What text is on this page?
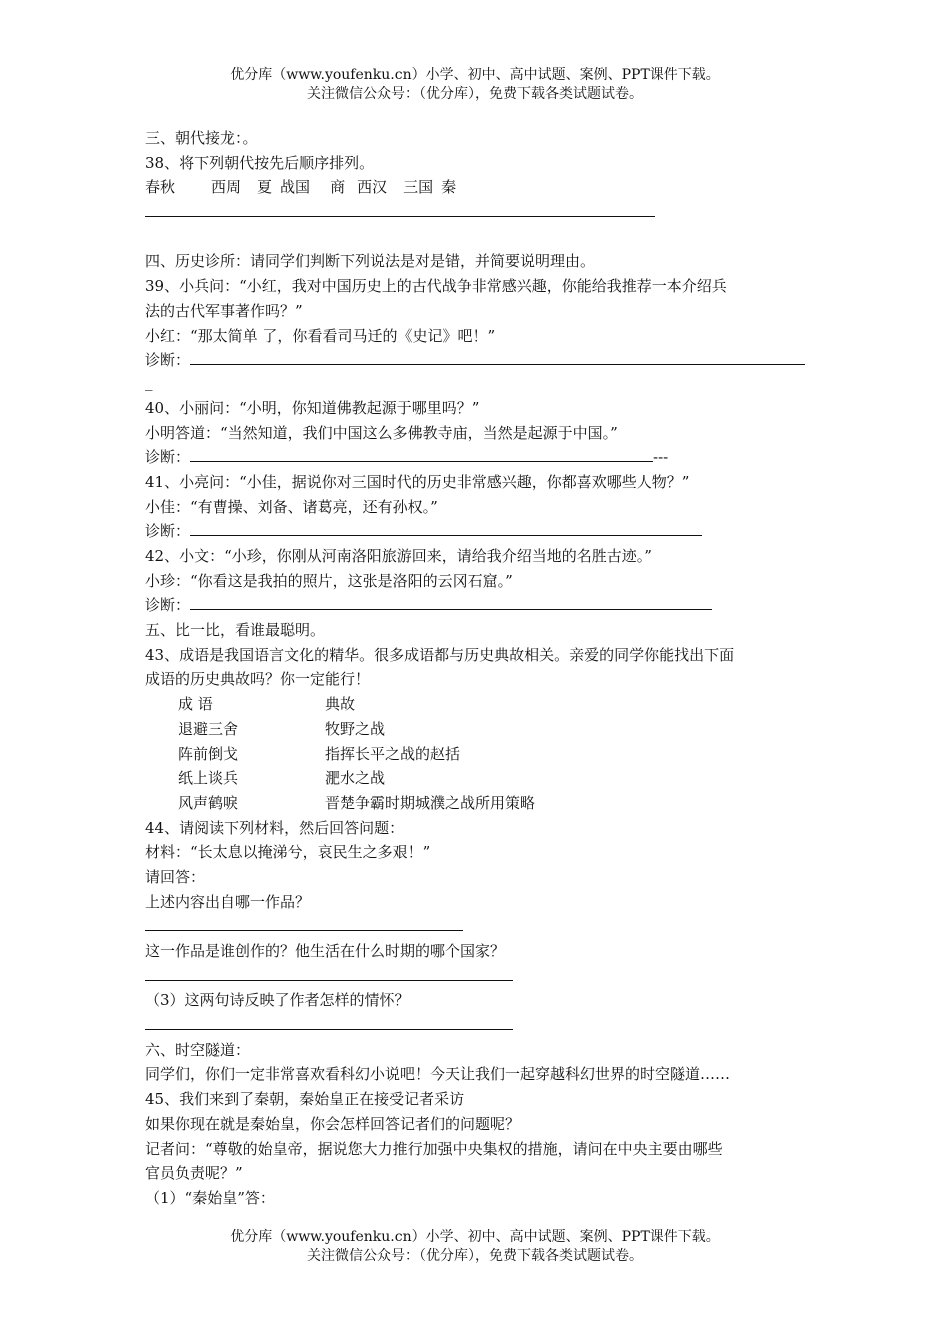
优分库（www.youfenku.cn）小学、初中、高中试题、案例、PPT课件下载。
关注微信公众号：（优分库），免费下载各类试题试卷。
三、朝代接龙：。
38、将下列朝代按先后顺序排列。
春秋 西周 夏 战国 商 西汉 三国 秦
四、历史诊所：请同学们判断下列说法是对是错，并简要说明理由。
39、小兵问：“小红，我对中国历史上的古代战争非常感兴趣，你能给我推荐一本介绍兵
法的古代军事著作吗？”
小红：“那太简单 了，你看看司马迁的《史记》吧！”
诊断：
_
40、小丽问：“小明，你知道佛教起源于哪里吗？”
小明答道：“当然知道，我们中国这么多佛教寺庙，当然是起源于中国。”
诊断：	---
41、小亮问：“小佳，据说你对三国时代的历史非常感兴趣，你都喜欢哪些人物？”
小佳：“有曹操、刘备、诸葛亮，还有孙权。”
诊断：
42、小文：“小珍，你刚从河南洛阳旅游回来，请给我介绍当地的名胜古迹。”
小珍：“你看这是我拍的照片，这张是洛阳的云冈石窟。”
诊断：
五、比一比，看谁最聪明。
43、成语是我国语言文化的精华。很多成语都与历史典故相关。亲爱的同学你能找出下面
成语的历史典故吗？你一定能行！
成 语	典故
退避三舍	牧野之战
阵前倒戈	指挥长平之战的赵括
纸上谈兵	淝水之战
风声鹤唳	晋楚争霸时期城濮之战所用策略
44、请阅读下列材料，然后回答问题：
材料：“长太息以掩涕兮，哀民生之多艰！”
请回答：
上述内容出自哪一作品？
这一作品是谁创作的？他生活在什么时期的哪个国家？
（3）这两句诗反映了作者怎样的情怀？
六、时空隧道：
同学们，你们一定非常喜欢看科幻小说吧！今天让我们一起穿越科幻世界的时空隧道……
45、我们来到了秦朝，秦始皇正在接受记者采访
如果你现在就是秦始皇，你会怎样回答记者们的问题呢？
记者问：“尊敬的始皇帝，据说您大力推行加强中央集权的措施，请问在中央主要由哪些
官员负责呢？”
（1）“秦始皇”答：
优分库（www.youfenku.cn）小学、初中、高中试题、案例、PPT课件下载。
关注微信公众号：（优分库），免费下载各类试题试卷。
